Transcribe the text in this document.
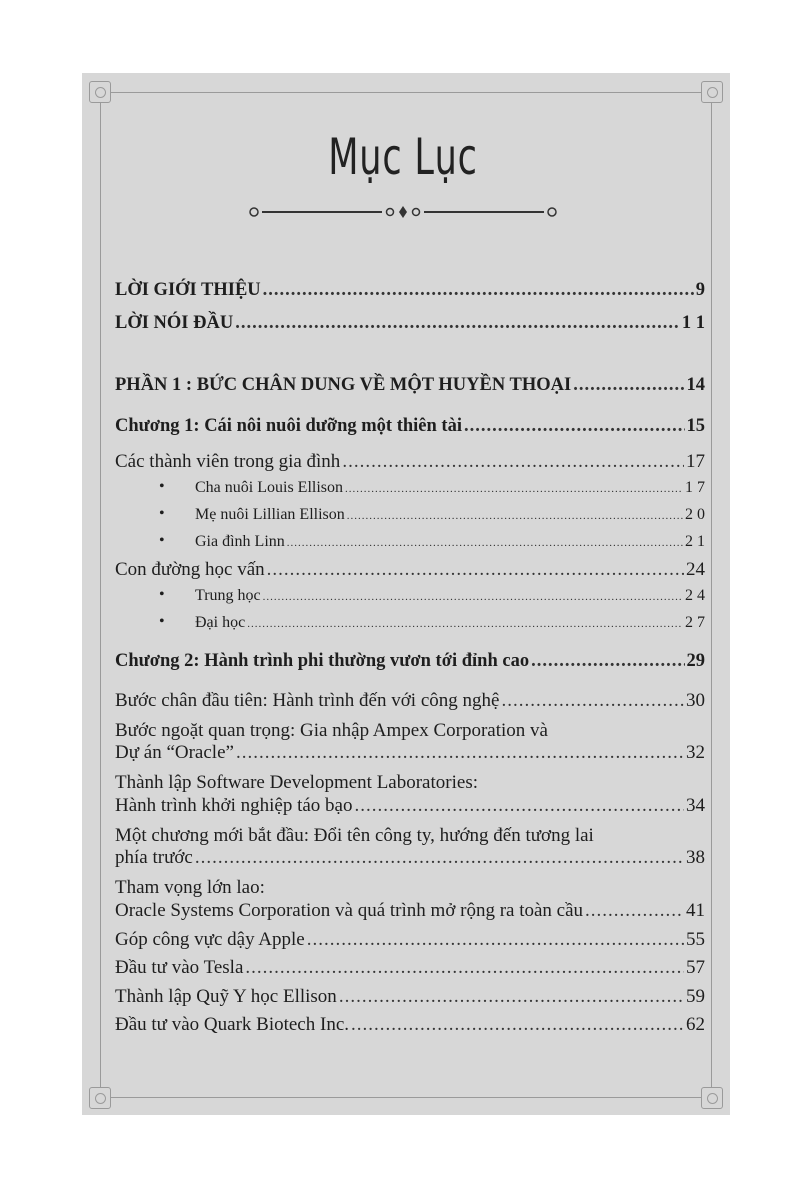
Mục Lục
LỜI GIỚI THIỆU .....	9
LỜI NÓI ĐẦU .....	1 1
PHẦN 1 : BỨC CHÂN DUNG VỀ MỘT HUYỀN THOẠI .....	14
Chương 1: Cái nôi nuôi dưỡng một thiên tài .....	15
Các thành viên trong gia đình .....	17
• Cha nuôi Louis Ellison .....	1 7
• Mẹ nuôi Lillian Ellison .....	2 0
• Gia đình Linn .....	2 1
Con đường học vấn .....	24
• Trung học .....	2 4
• Đại học .....	2 7
Chương 2: Hành trình phi thường vươn tới đỉnh cao .....	29
Bước chân đầu tiên: Hành trình đến với công nghệ .....	30
Bước ngoặt quan trọng: Gia nhập Ampex Corporation và
Dự án “Oracle” .....	32
Thành lập Software Development Laboratories:
Hành trình khởi nghiệp táo bạo .....	34
Một chương mới bắt đầu: Đổi tên công ty, hướng đến tương lai
phía trước .....	38
Tham vọng lớn lao:
Oracle Systems Corporation và quá trình mở rộng ra toàn cầu .....	41
Góp công vực dậy Apple .....	55
Đầu tư vào Tesla .....	57
Thành lập Quỹ Y học Ellison .....	59
Đầu tư vào Quark Biotech Inc. .....	62
